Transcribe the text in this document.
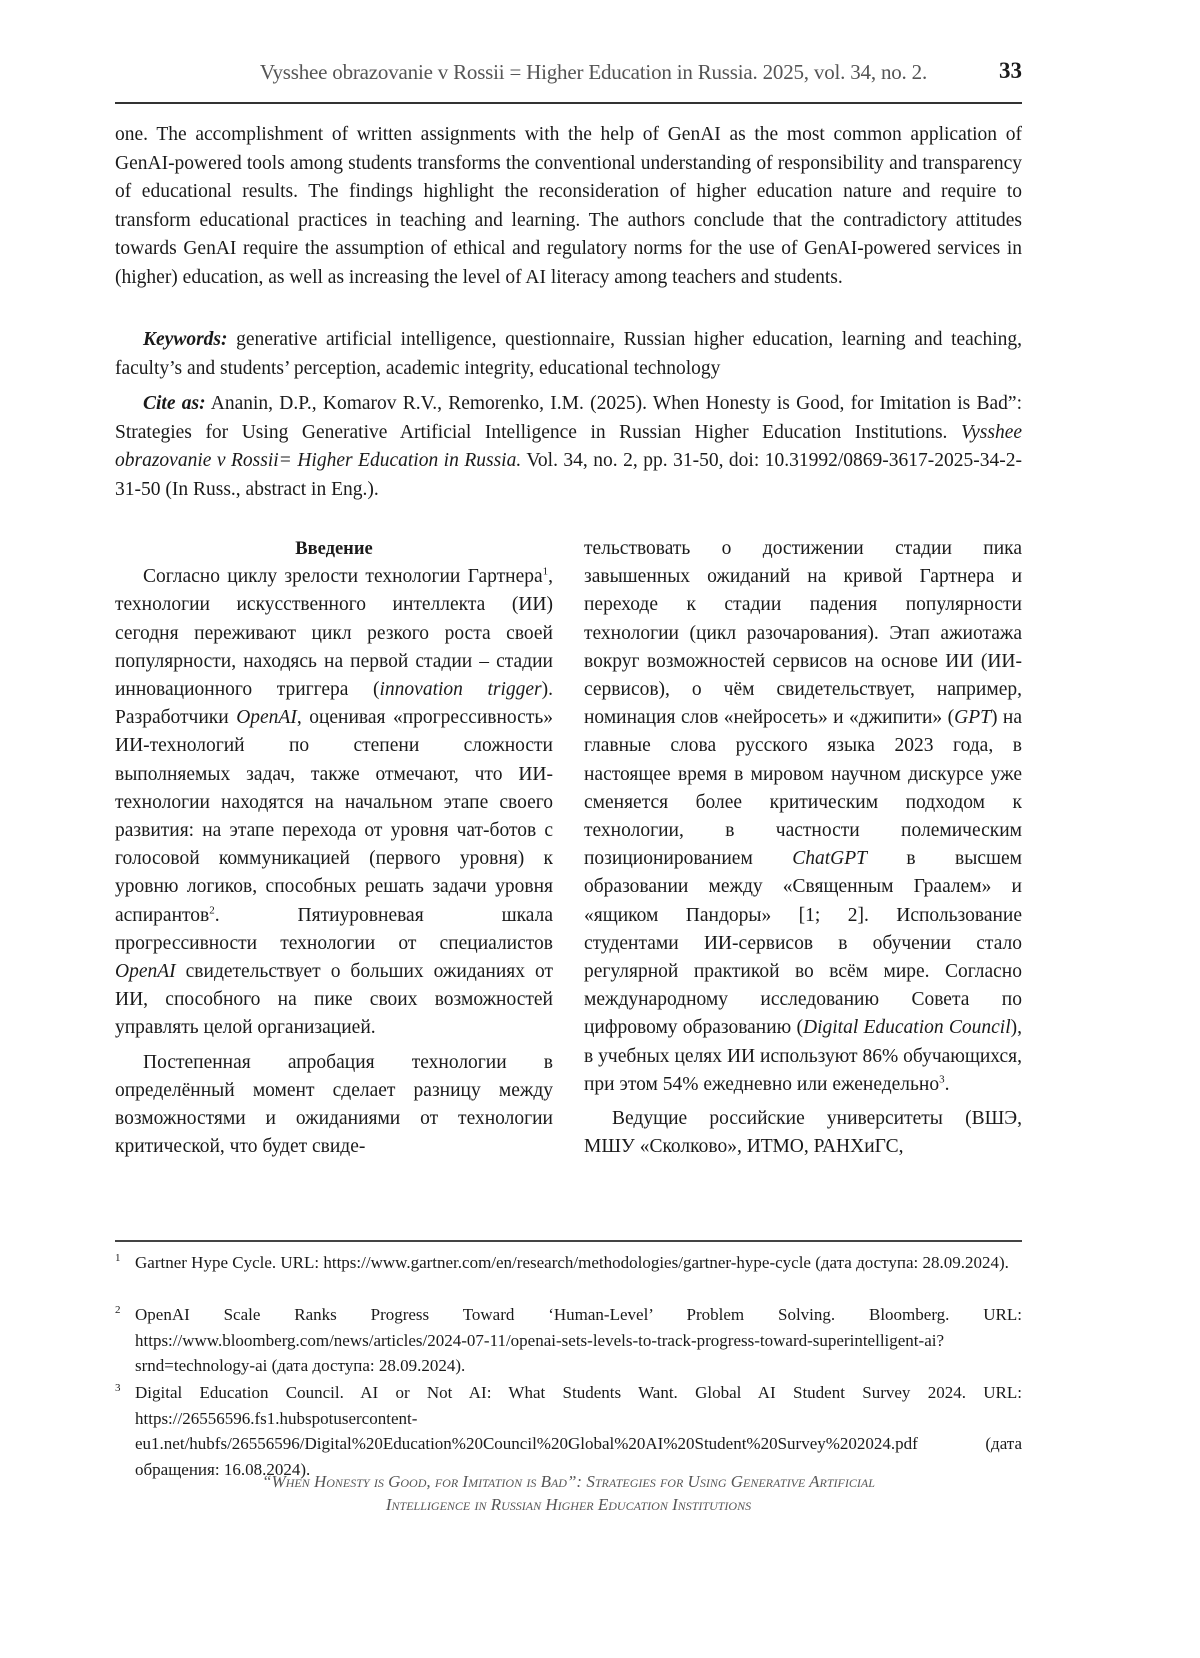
Vysshee obrazovanie v Rossii = Higher Education in Russia. 2025, vol. 34, no. 2.	33
one. The accomplishment of written assignments with the help of GenAI as the most common application of GenAI-powered tools among students transforms the conventional understanding of responsibility and transparency of educational results. The findings highlight the reconsideration of higher education nature and require to transform educational practices in teaching and learning. The authors conclude that the contradictory attitudes towards GenAI require the assumption of ethical and regulatory norms for the use of GenAI-powered services in (higher) education, as well as increasing the level of AI literacy among teachers and students.
Keywords: generative artificial intelligence, questionnaire, Russian higher education, learning and teaching, faculty’s and students’ perception, academic integrity, educational technology
Cite as: Ananin, D.P., Komarov R.V., Remorenko, I.M. (2025). When Honesty is Good, for Imitation is Bad”: Strategies for Using Generative Artificial Intelligence in Russian Higher Education Institutions. Vysshee obrazovanie v Rossii= Higher Education in Russia. Vol. 34, no. 2, pp. 31-50, doi: 10.31992/0869-3617-2025-34-2-31-50 (In Russ., abstract in Eng.).

Введение

Согласно циклу зрелости технологии Гартнера$^1$, технологии искусственного интеллекта (ИИ) сегодня переживают цикл резкого роста своей популярности, находясь на первой стадии – стадии инновационного триггера (innovation trigger). Разработчики OpenAI, оценивая «прогрессивность» ИИ-технологий по степени сложности выполняемых задач, также отмечают, что ИИ-технологии находятся на начальном этапе своего развития: на этапе перехода от уровня чат-ботов с голосовой коммуникацией (первого уровня) к уровню логиков, способных решать задачи уровня аспирантов$^2$. Пятиуровневая шкала прогрессивности технологии от специалистов OpenAI свидетельствует о больших ожиданиях от ИИ, способного на пике своих возможностей управлять целой организацией.

Постепенная апробация технологии в определённый момент сделает разницу между возможностями и ожиданиями от технологии критической, что будет свиде-

тельствовать о достижении стадии пика завышенных ожиданий на кривой Гартнера и переходе к стадии падения популярности технологии (цикл разочарования). Этап ажиотажа вокруг возможностей сервисов на основе ИИ (ИИ-сервисов), о чём свидетельствует, например, номинация слов «нейросеть» и «джипити» (GPT) на главные слова русского языка 2023 года, в настоящее время в мировом научном дискурсе уже сменяется более критическим подходом к технологии, в частности полемическим позиционированием ChatGPT в высшем образовании между «Священным Граалем» и «ящиком Пандоры» [1; 2]. Использование студентами ИИ-сервисов в обучении стало регулярной практикой во всём мире. Согласно международному исследованию Совета по цифровому образованию (Digital Education Council), в учебных целях ИИ используют 86% обучающихся, при этом 54% ежедневно или еженедельно$^3$.

Ведущие российские университеты (ВШЭ, МШУ «Сколково», ИТМО, РАНХиГС,

1 Gartner Hype Cycle. URL: https://www.gartner.com/en/research/methodologies/gartner-hype-cycle (дата доступа: 28.09.2024).
2 OpenAI Scale Ranks Progress Toward ‘Human-Level’ Problem Solving. Bloomberg. URL: https://www.bloomberg.com/news/articles/2024-07-11/openai-sets-levels-to-track-progress-toward-superintelligent-ai?srnd=technology-ai (дата доступа: 28.09.2024).
3 Digital Education Council. AI or Not AI: What Students Want. Global AI Student Survey 2024. URL: https://26556596.fs1.hubspotusercontent-eu1.net/hubfs/26556596/Digital%20Education%20Council%20Global%20AI%20Student%20Survey%202024.pdf (дата обращения: 16.08.2024).
“When Honesty is Good, for Imitation is Bad”: Strategies for Using Generative Artificial
Intelligence in Russian Higher Education Institutions
